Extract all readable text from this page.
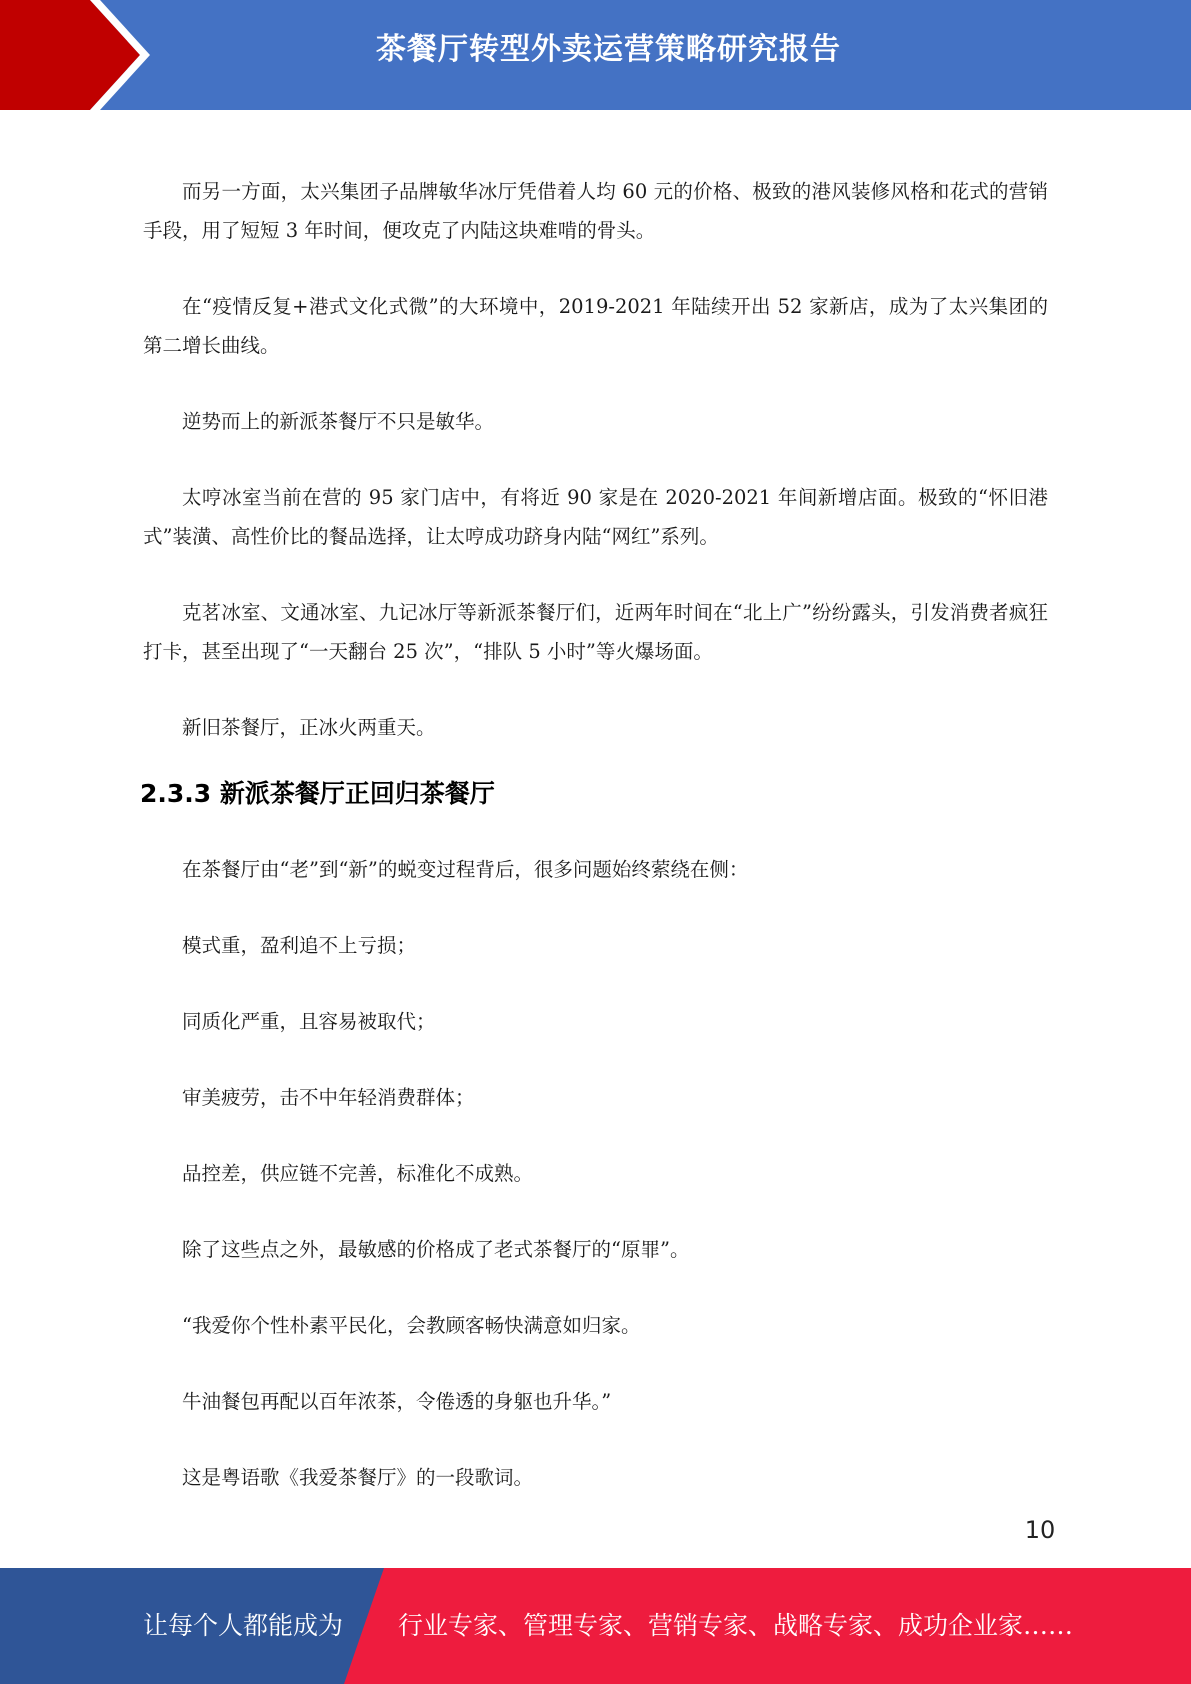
茶餐厅转型外卖运营策略研究报告

而另一方面，太兴集团子品牌敏华冰厅凭借着人均 60 元的价格、极致的港风装修风格和花式的营销手段，用了短短 3 年时间，便攻克了内陆这块难啃的骨头。

在“疫情反复+港式文化式微”的大环境中，2019-2021 年陆续开出 52 家新店，成为了太兴集团的第二增长曲线。

逆势而上的新派茶餐厅不只是敏华。

太哼冰室当前在营的 95 家门店中，有将近 90 家是在 2020-2021 年间新增店面。极致的“怀旧港式”装潢、高性价比的餐品选择，让太哼成功跻身内陆“网红”系列。

克茗冰室、文通冰室、九记冰厅等新派茶餐厅们，近两年时间在“北上广”纷纷露头，引发消费者疯狂打卡，甚至出现了“一天翻台 25 次”，“排队 5 小时”等火爆场面。

新旧茶餐厅，正冰火两重天。

2.3.3 新派茶餐厅正回归茶餐厅

在茶餐厅由“老”到“新”的蜕变过程背后，很多问题始终萦绕在侧：

模式重，盈利追不上亏损；

同质化严重，且容易被取代；

审美疲劳，击不中年轻消费群体；

品控差，供应链不完善，标准化不成熟。

除了这些点之外，最敏感的价格成了老式茶餐厅的“原罪”。

“我爱你个性朴素平民化，会教顾客畅快满意如归家。

牛油餐包再配以百年浓茶，令倦透的身躯也升华。”

这是粤语歌《我爱茶餐厅》的一段歌词。

10
让每个人都能成为 行业专家、管理专家、营销专家、战略专家、成功企业家……
